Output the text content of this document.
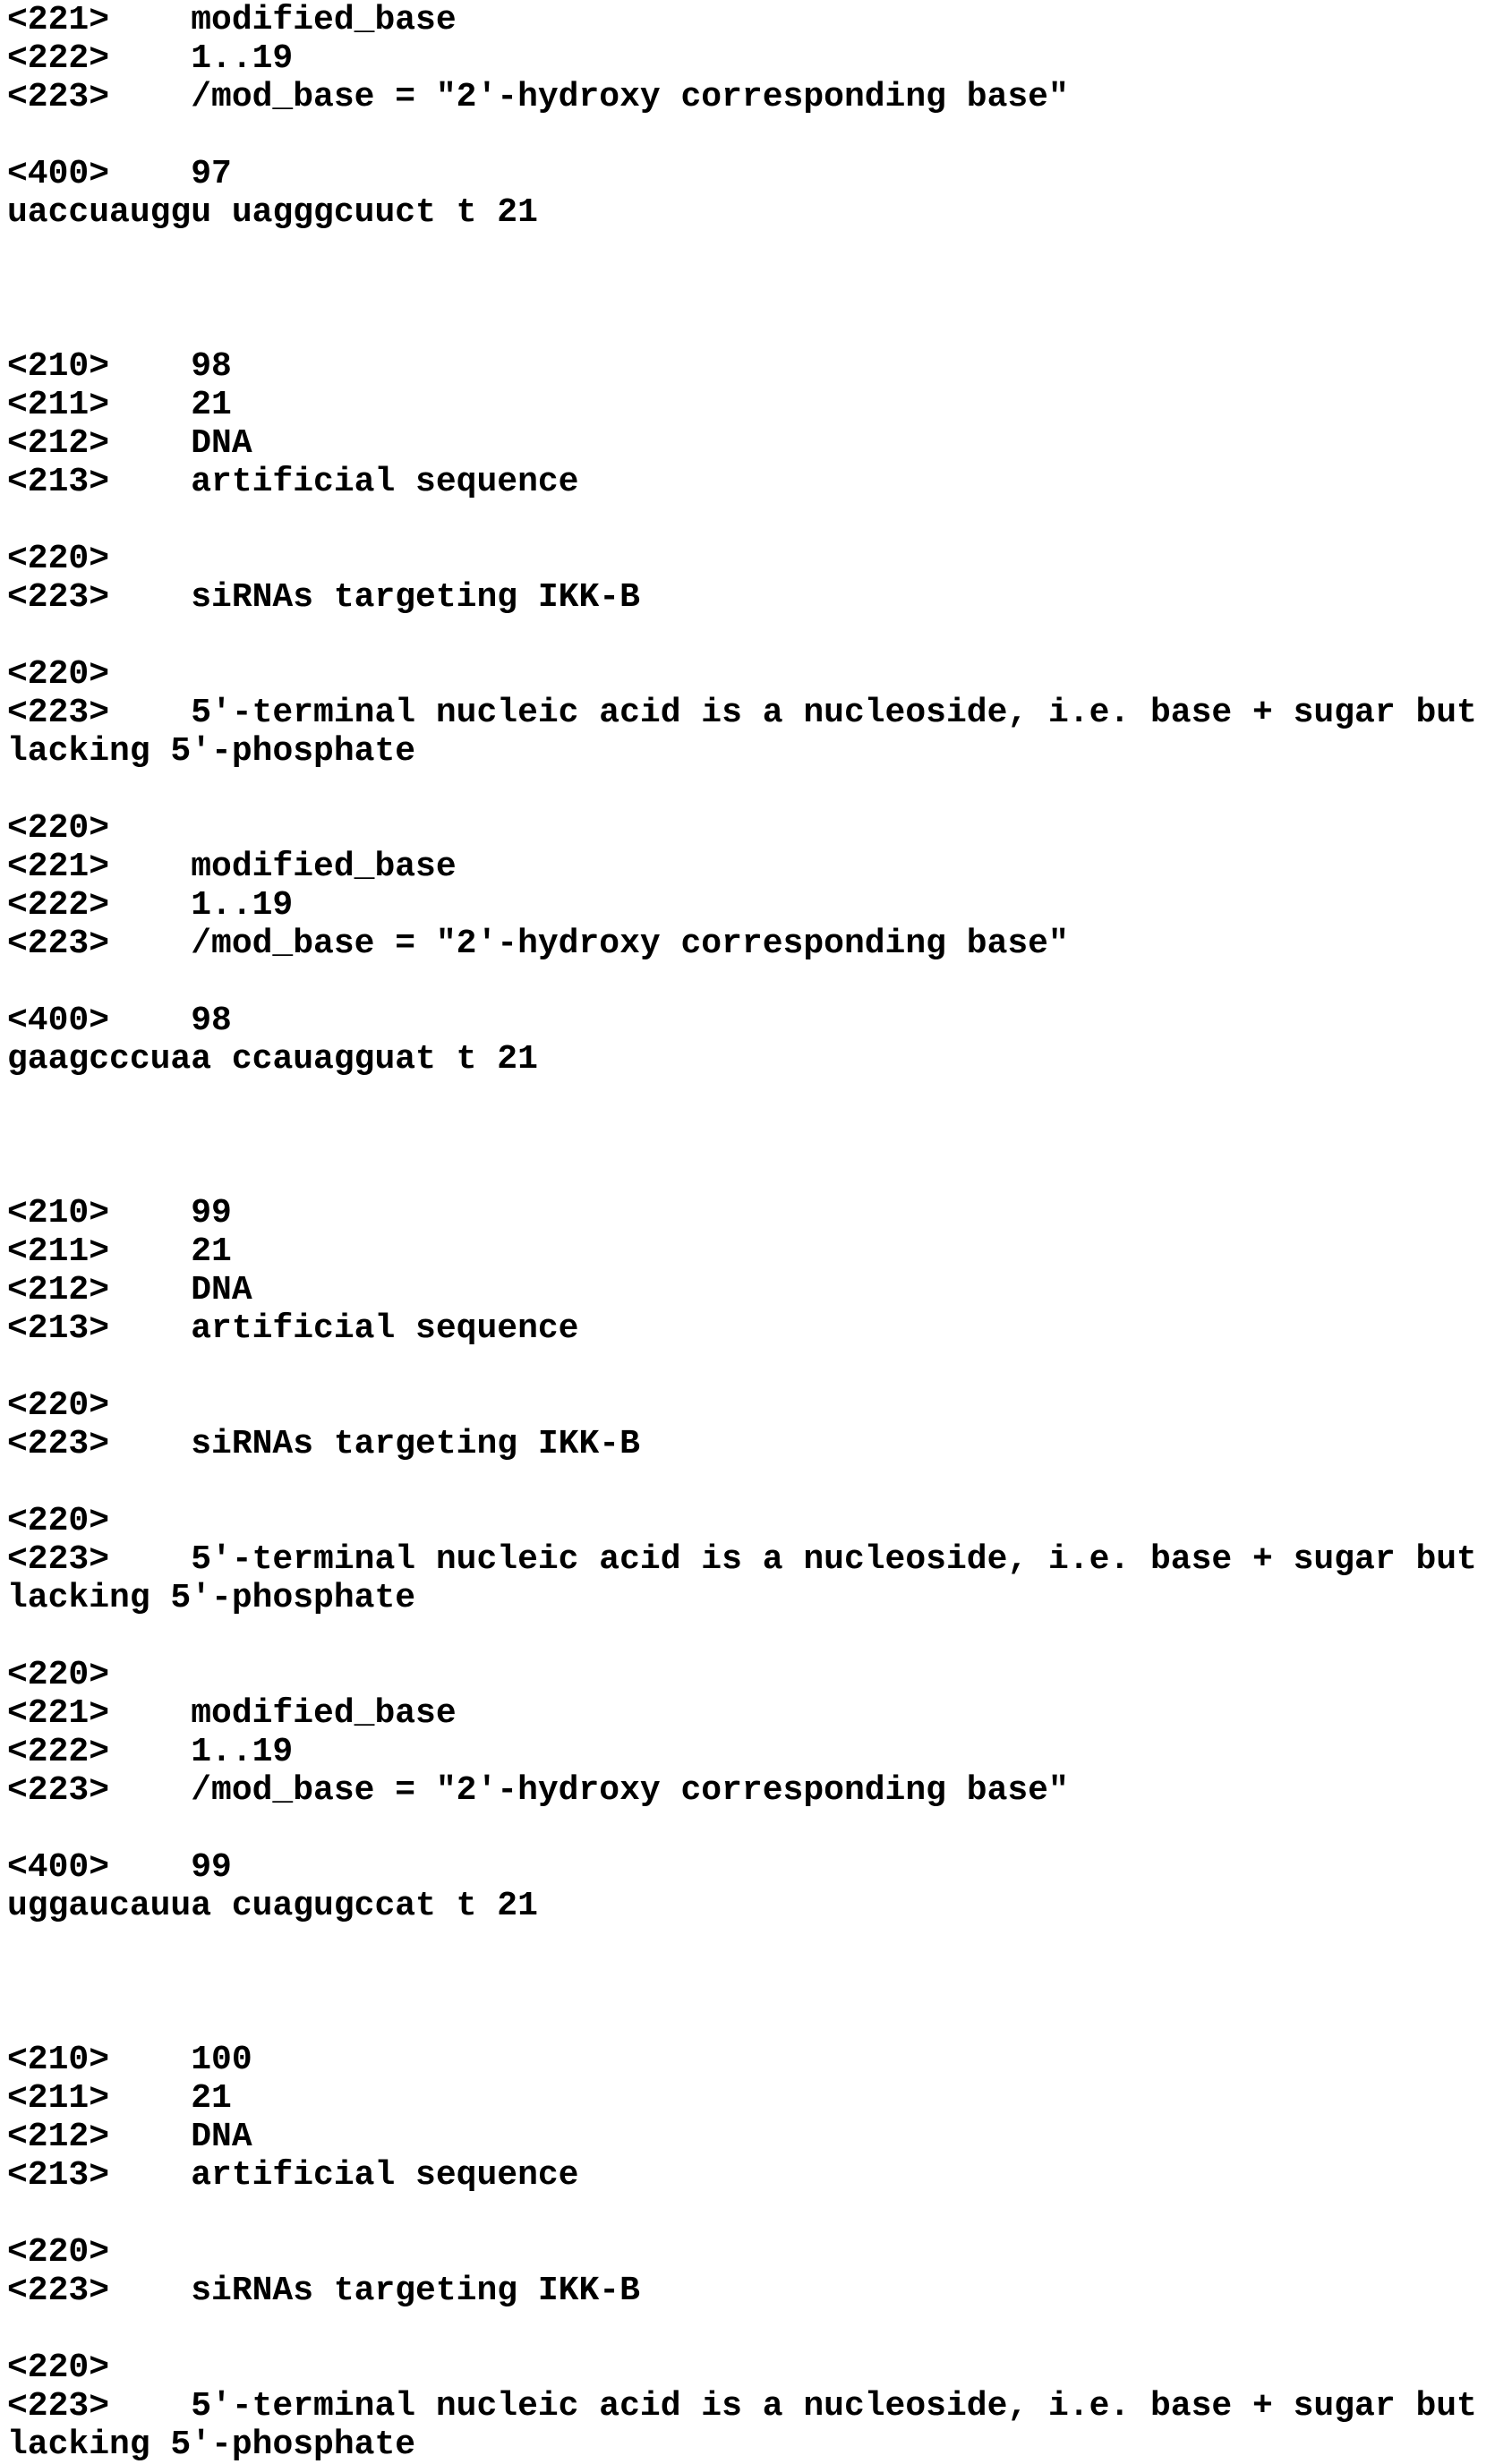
<221> modified_base
<222> 1..19
<223> /mod_base = "2'-hydroxy corresponding base"

<400> 97
uaccuauggu uagggcuuct t 21

<210> 98
<211> 21
<212> DNA
<213> artificial sequence

<220>
<223> siRNAs targeting IKK-B

<220>
<223> 5'-terminal nucleic acid is a nucleoside, i.e. base + sugar but
lacking 5'-phosphate

<220>
<221> modified_base
<222> 1..19
<223> /mod_base = "2'-hydroxy corresponding base"

<400> 98
gaagcccuaa ccauagguat t 21

<210> 99
<211> 21
<212> DNA
<213> artificial sequence

<220>
<223> siRNAs targeting IKK-B

<220>
<223> 5'-terminal nucleic acid is a nucleoside, i.e. base + sugar but
lacking 5'-phosphate

<220>
<221> modified_base
<222> 1..19
<223> /mod_base = "2'-hydroxy corresponding base"

<400> 99
uggaucauua cuagugccat t 21

<210> 100
<211> 21
<212> DNA
<213> artificial sequence

<220>
<223> siRNAs targeting IKK-B

<220>
<223> 5'-terminal nucleic acid is a nucleoside, i.e. base + sugar but
lacking 5'-phosphate
